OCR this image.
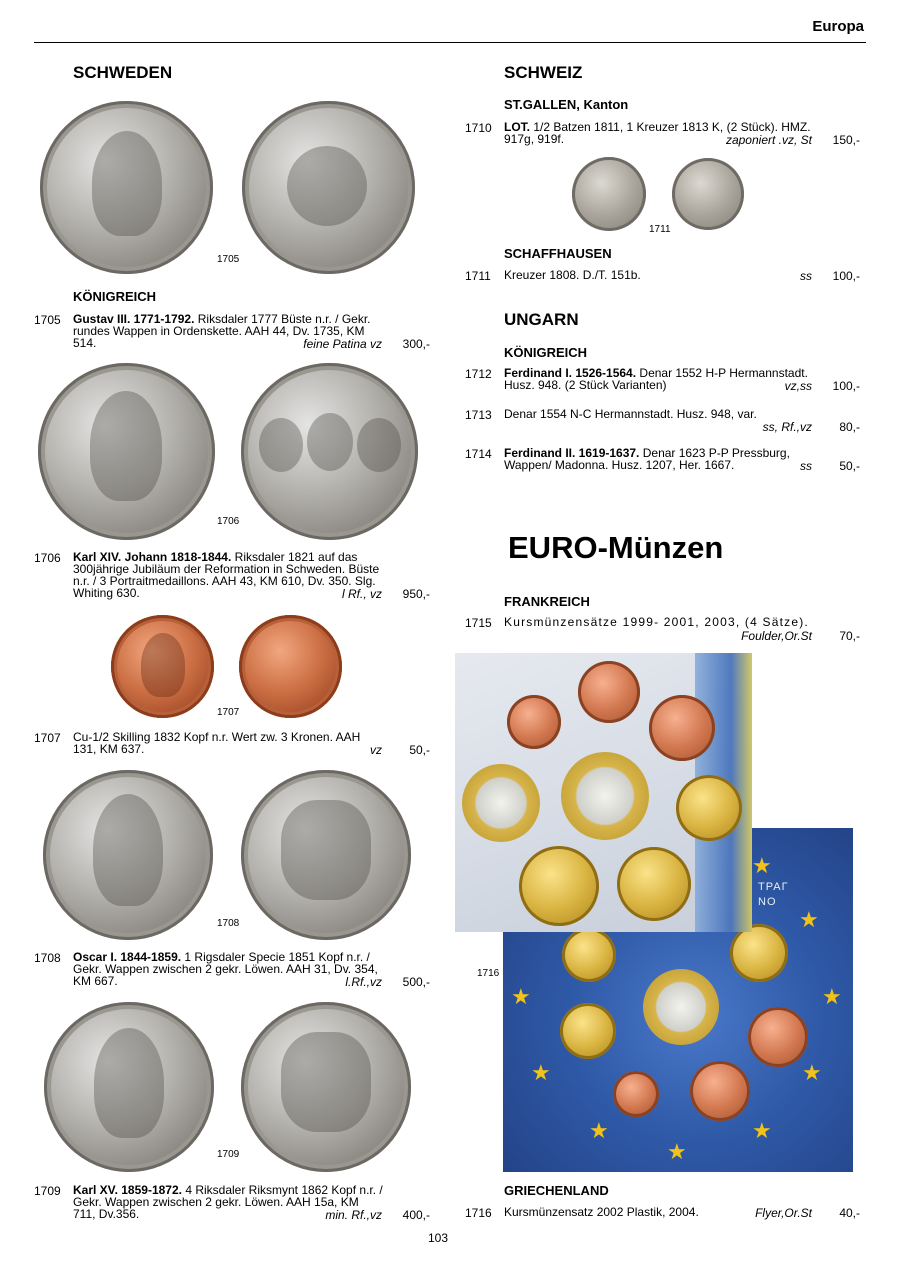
Europa
SCHWEDEN
1705
KÖNIGREICH
1705 Gustav III. 1771-1792. Riksdaler 1777 Büste n.r. / Gekr.
rundes Wappen in Ordenskette. AAH 44, Dv. 1735, KM
514.	feine Patina vz	300,-
1706
1706 Karl XIV. Johann 1818-1844. Riksdaler 1821 auf das
300jährige Jubiläum der Reformation in Schweden. Büste
n.r. / 3 Portraitmedaillons. AAH 43, KM 610, Dv. 350. Slg.
Whiting 630.	l Rf., vz	950,-
1707
1707 Cu-1/2 Skilling 1832 Kopf n.r. Wert zw. 3 Kronen. AAH
131, KM 637.	vz	50,-
1708
1708 Oscar I. 1844-1859. 1 Rigsdaler Specie 1851 Kopf n.r. /
Gekr. Wappen zwischen 2 gekr. Löwen. AAH 31, Dv. 354,
KM 667.	l.Rf.,vz	500,-
1709
1709 Karl XV. 1859-1872. 4 Riksdaler Riksmynt 1862 Kopf n.r. /
Gekr. Wappen zwischen 2 gekr. Löwen. AAH 15a, KM
711, Dv.356.	min. Rf.,vz	400,-
SCHWEIZ
ST.GALLEN, Kanton
1710 LOT. 1/2 Batzen 1811, 1 Kreuzer 1813 K, (2 Stück). HMZ.
917g, 919f.	zaponiert .vz, St	150,-
1711
SCHAFFHAUSEN
1711 Kreuzer 1808. D./T. 151b.	ss	100,-
UNGARN
KÖNIGREICH
1712 Ferdinand I. 1526-1564. Denar 1552 H-P Hermannstadt.
Husz. 948. (2 Stück Varianten)	vz,ss	100,-
1713 Denar 1554 N-C Hermannstadt. Husz. 948, var.
ss, Rf.,vz	80,-
1714 Ferdinand II. 1619-1637. Denar 1623 P-P Pressburg,
Wappen/ Madonna. Husz. 1207, Her. 1667.	ss	50,-
EURO-Münzen
FRANKREICH
1715 Kursmünzensätze 1999- 2001, 2003, (4 Sätze).
Foulder,Or.St	70,-
★
★
★
★
★
★
★
★
★
ΤΡΑΓ
ΝΟ
1716
GRIECHENLAND
1716 Kursmünzensatz 2002 Plastik, 2004.	Flyer,Or.St	40,-
103
